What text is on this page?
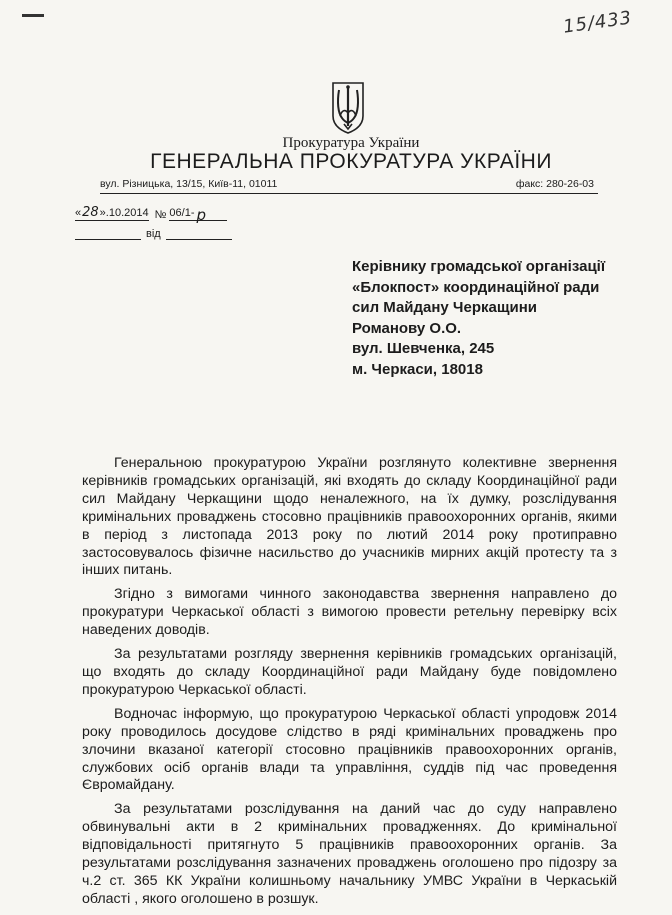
15/433
Прокуратура України
ГЕНЕРАЛЬНА ПРОКУРАТУРА УКРАЇНИ
вул. Різницька, 13/15, Київ-11, 01011	факс: 280-26-03
«28».10.2014 № 06/1- р
від
Керівнику громадської організації
«Блокпост» координаційної ради
сил Майдану Черкащини
Романову О.О.
вул. Шевченка, 245
м. Черкаси, 18018

Генеральною прокуратурою України розглянуто колективне звернення керівників громадських організацій, які входять до складу Координаційної ради сил Майдану Черкащини щодо неналежного, на їх думку, розслідування кримінальних проваджень стосовно працівників правоохоронних органів, якими в період з листопада 2013 року по лютий 2014 року протиправно застосовувалось фізичне насильство до учасників мирних акцій протесту та з інших питань.

Згідно з вимогами чинного законодавства звернення направлено до прокуратури Черкаської області з вимогою провести ретельну перевірку всіх наведених доводів.

За результатами розгляду звернення керівників громадських організацій, що входять до складу Координаційної ради Майдану буде повідомлено прокуратурою Черкаської області.

Водночас інформую, що прокуратурою Черкаської області упродовж 2014 року проводилось досудове слідство в ряді кримінальних проваджень про злочини вказаної категорії стосовно працівників правоохоронних органів, службових осіб органів влади та управління, суддів під час проведення Євромайдану.

За результатами розслідування на даний час до суду направлено обвинувальні акти в 2 кримінальних провадженнях. До кримінальної відповідальності притягнуто 5 працівників правоохоронних органів. За результатами розслідування зазначених проваджень оголошено про підозру за ч.2 ст. 365 КК України колишньому начальнику УМВС України в Черкаській області , якого оголошено в розшук.
